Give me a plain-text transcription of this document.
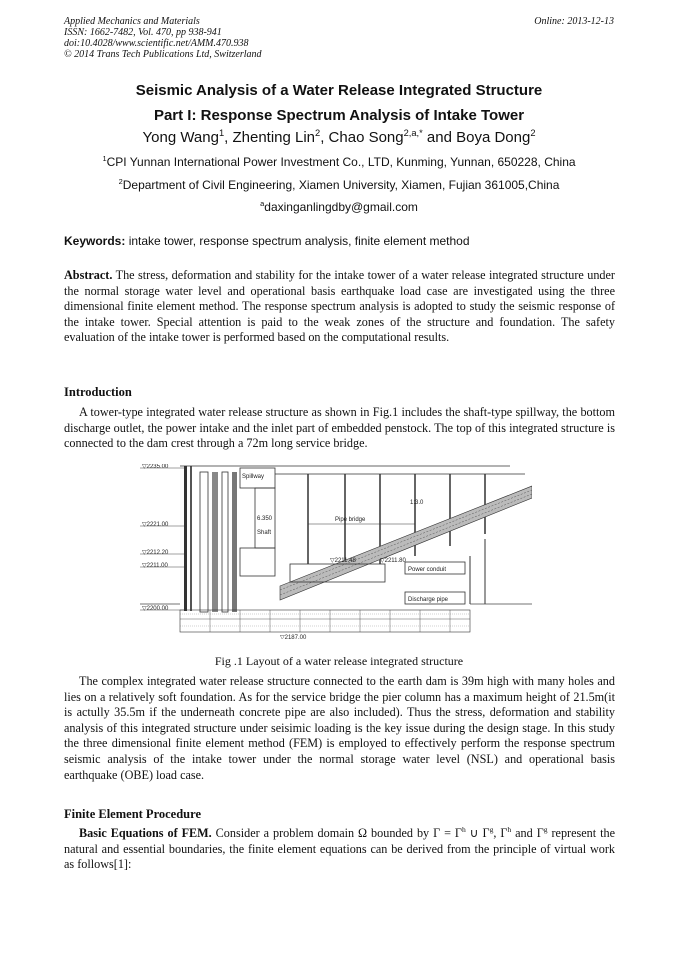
Applied Mechanics and Materials
ISSN: 1662-7482, Vol. 470, pp 938-941
doi:10.4028/www.scientific.net/AMM.470.938
© 2014 Trans Tech Publications Ltd, Switzerland
Online: 2013-12-13
Seismic Analysis of a Water Release Integrated Structure
Part I: Response Spectrum Analysis of Intake Tower
Yong Wang$^1$, Zhenting Lin$^2$, Chao Song$^{2,a,*}$ and Boya Dong$^2$
$^1$CPI Yunnan International Power Investment Co., LTD, Kunming, Yunnan, 650228, China
$^2$Department of Civil Engineering, Xiamen University, Xiamen, Fujian 361005,China
$^a$daxinganlingdby@gmail.com
Keywords: intake tower, response spectrum analysis, finite element method
Abstract. The stress, deformation and stability for the intake tower of a water release integrated structure under the normal storage water level and operational basis earthquake load case are investigated using the three dimensional finite element method. The response spectrum analysis is adopted to study the seismic response of the intake tower. Special attention is paid to the weak zones of the structure and foundation. The safety evaluation of the intake tower is performed based on the computational results.
Introduction
A tower-type integrated water release structure as shown in Fig.1 includes the shaft-type spillway, the bottom discharge outlet, the power intake and the inlet part of embedded penstock. The top of this integrated structure is connected to the dam crest through a 72m long service bridge.
▽2235.00
▽2221.00
▽2212.20
▽2211.00
▽2200.00
▽2187.00
▽2211.48	▽2211.80
1:3.0
Pipe bridge
Power conduit
Discharge pipe
Shaft
6.350
Spillway
Fig .1 Layout of a water release integrated structure
The complex integrated water release structure connected to the earth dam is 39m high with many holes and lies on a relatively soft foundation. As for the service bridge the pier column has a maximum height of 21.5m(it is actully 35.5m if the underneath concrete pipe are also included). Thus the stress, deformation and stability analysis of this integrated structure under seisimic loading is the key issue during the design stage. In this study the three dimensional finite element method (FEM) is employed to effectively perform the response spectrum seismic analysis of the intake tower under the normal storage water level (NSL) and operational basis earthquake (OBE) load case.
Finite Element Procedure
Basic Equations of FEM. Consider a problem domain Ω bounded by $\Gamma = \Gamma^h$ ∪ $\Gamma^g$, $\Gamma^h$ and $\Gamma^g$ represent the natural and essential boundaries, the finite element equations can be derived from the principle of virtual work as follows[1]:
